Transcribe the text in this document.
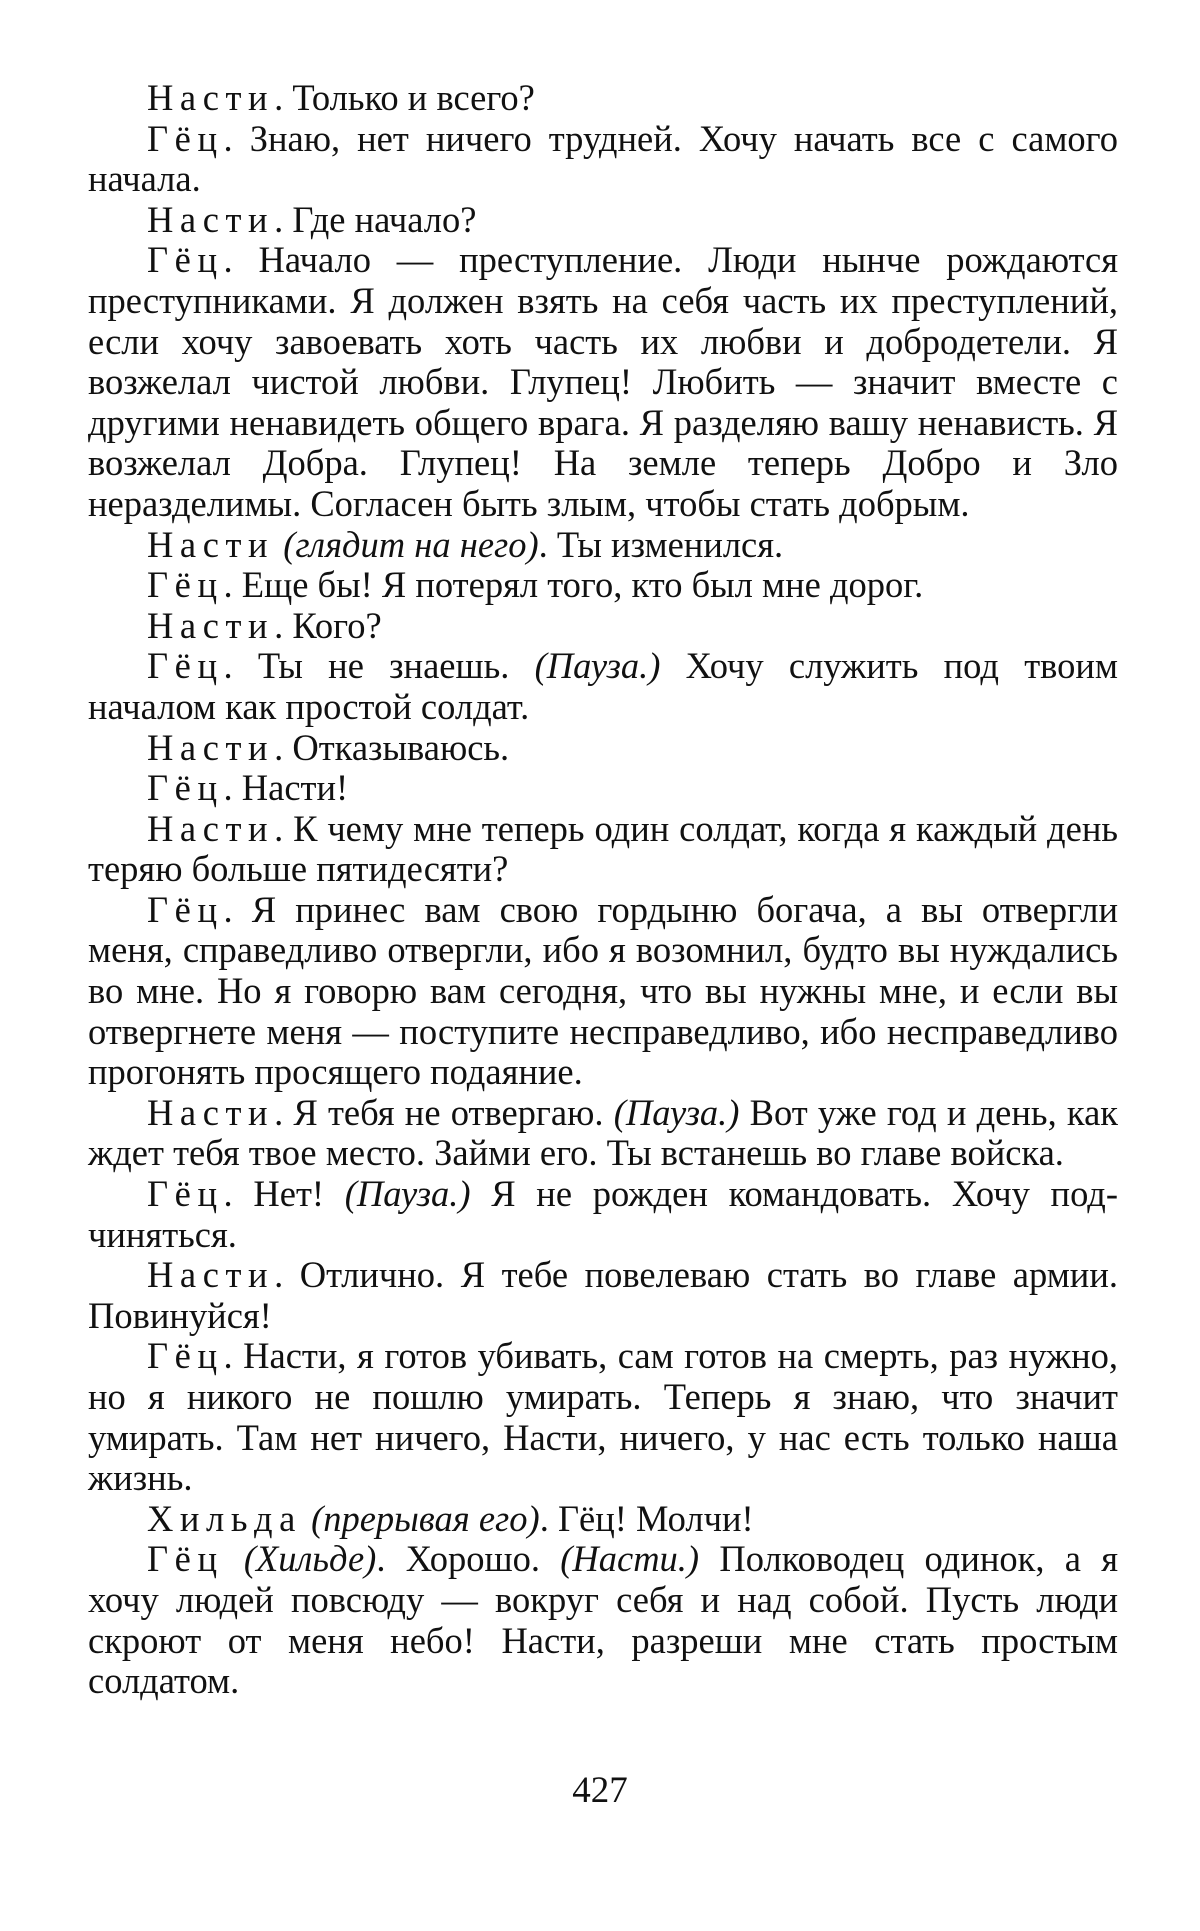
Насти. Только и всего?

Гёц. Знаю, нет ничего трудней. Хочу начать все с самого начала.

Насти. Где начало?

Гёц. Начало — преступление. Люди нынче рождаются преступниками. Я должен взять на себя часть их преступлений, если хочу завоевать хоть часть их любви и добродетели. Я возжелал чистой любви. Глупец! Любить — значит вместе с другими ненавидеть общего врага. Я разделяю вашу ненависть. Я возжелал Добра. Глупец! На земле теперь Добро и Зло неразделимы. Согласен быть злым, чтобы стать добрым.

Насти (глядит на него). Ты изменился.

Гёц. Еще бы! Я потерял того, кто был мне дорог.

Насти. Кого?

Гёц. Ты не знаешь. (Пауза.) Хочу служить под твоим началом как простой солдат.

Насти. Отказываюсь.

Гёц. Насти!

Насти. К чему мне теперь один солдат, когда я каждый день теряю больше пятидесяти?

Гёц. Я принес вам свою гордыню богача, а вы отвергли меня, справедливо отвергли, ибо я возомнил, будто вы нуждались во мне. Но я говорю вам сегодня, что вы нужны мне, и если вы отвергнете меня — поступите несправедливо, ибо несправедливо прогонять просящего подаяние.

Насти. Я тебя не отвергаю. (Пауза.) Вот уже год и день, как ждет тебя твое место. Займи его. Ты встанешь во главе войска.

Гёц. Нет! (Пауза.) Я не рожден командовать. Хочу подчиняться.

Насти. Отлично. Я тебе повелеваю стать во главе армии. Повинуйся!

Гёц. Насти, я готов убивать, сам готов на смерть, раз нужно, но я никого не пошлю умирать. Теперь я знаю, что значит умирать. Там нет ничего, Насти, ничего, у нас есть только наша жизнь.

Хильда (прерывая его). Гёц! Молчи!

Гёц (Хильде). Хорошо. (Насти.) Полководец одинок, а я хочу людей повсюду — вокруг себя и над собой. Пусть люди скроют от меня небо! Насти, разреши мне стать простым солдатом.

427
